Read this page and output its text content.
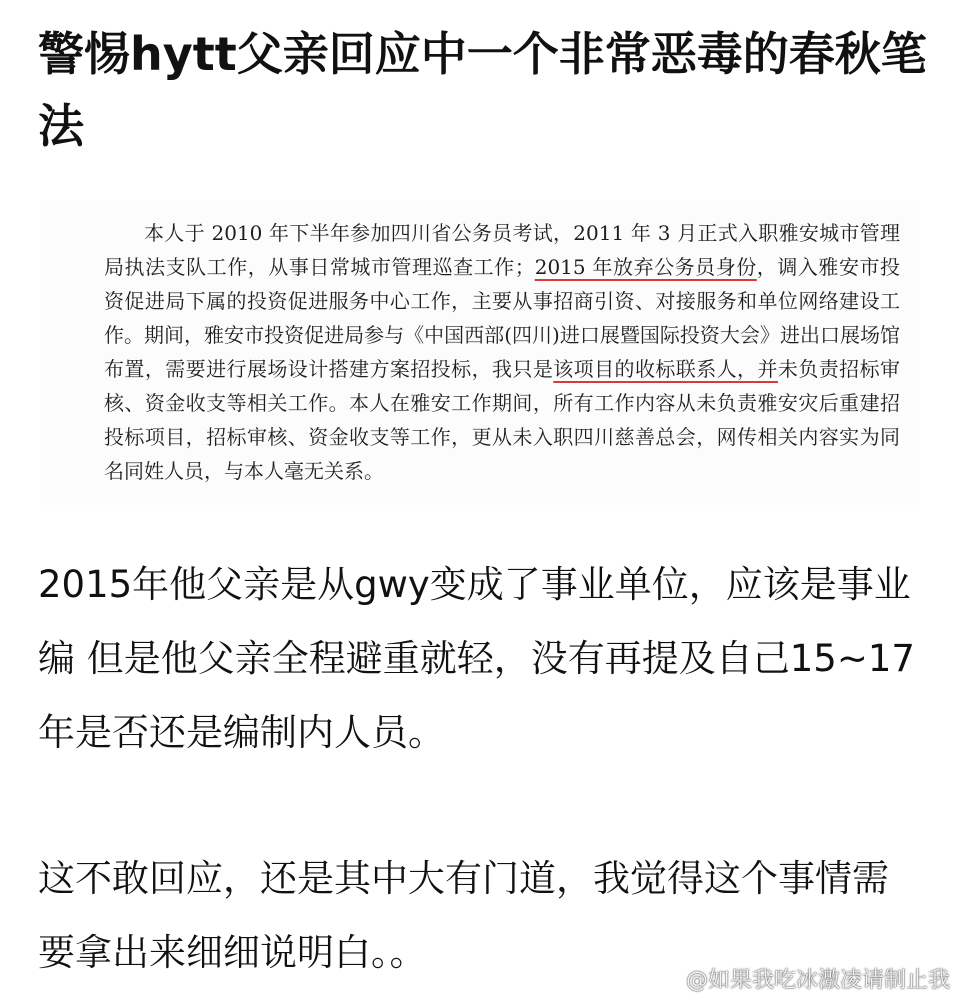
警惕hytt父亲回应中一个非常恶毒的春秋笔法

本人于 2010 年下半年参加四川省公务员考试，2011 年 3 月正式入职雅安城市管理局执法支队工作，从事日常城市管理巡查工作；2015 年放弃公务员身份，调入雅安市投资促进局下属的投资促进服务中心工作，主要从事招商引资、对接服务和单位网络建设工作。期间，雅安市投资促进局参与《中国西部(四川)进口展暨国际投资大会》进出口展场馆布置，需要进行展场设计搭建方案招投标，我只是该项目的收标联系人，并未负责招标审核、资金收支等相关工作。本人在雅安工作期间，所有工作内容从未负责雅安灾后重建招投标项目，招标审核、资金收支等工作，更从未入职四川慈善总会，网传相关内容实为同名同姓人员，与本人毫无关系。

2015年他父亲是从gwy变成了事业单位，应该是事业编 但是他父亲全程避重就轻，没有再提及自己15~17年是否还是编制内人员。

这不敢回应，还是其中大有门道，我觉得这个事情需要拿出来细细说明白。。

@如果我吃冰激凌请制止我
